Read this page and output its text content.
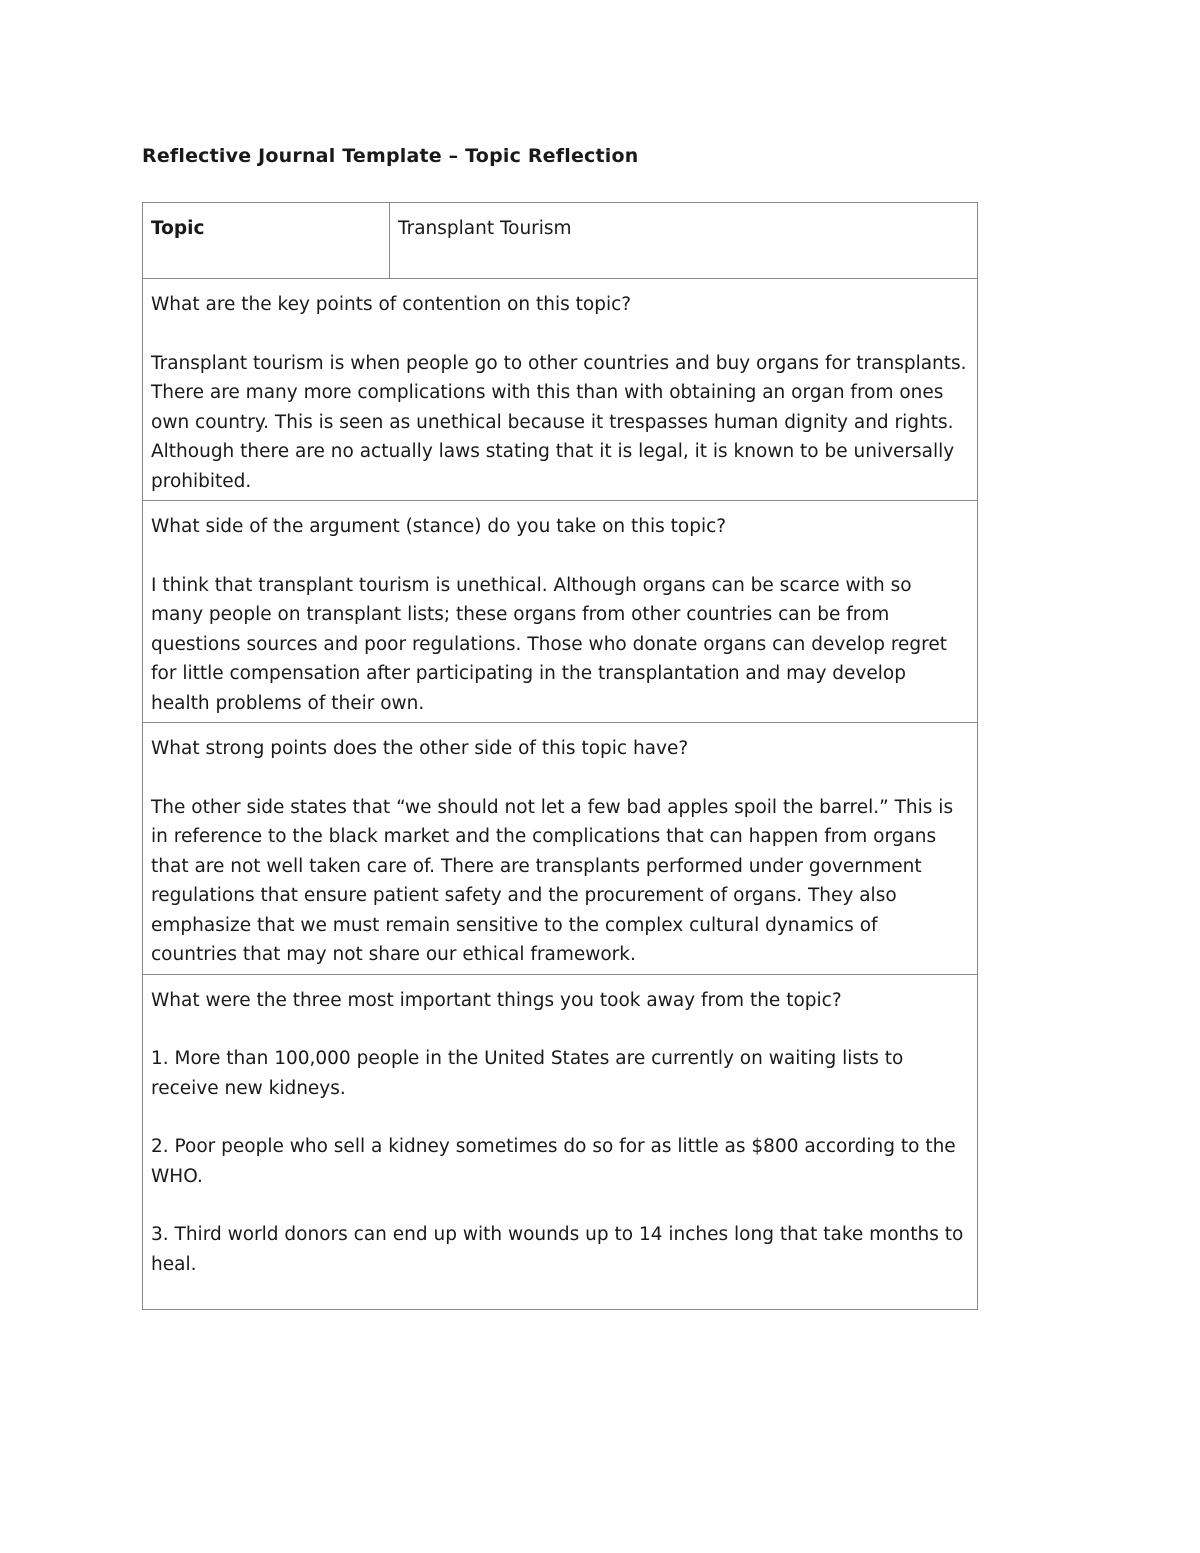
Reflective Journal Template – Topic Reflection
Topic	Transplant Tourism

What are the key points of contention on this topic?
Transplant tourism is when people go to other countries and buy organs for transplants. There are many more complications with this than with obtaining an organ from ones own country. This is seen as unethical because it trespasses human dignity and rights. Although there are no actually laws stating that it is legal, it is known to be universally prohibited.

What side of the argument (stance) do you take on this topic?
I think that transplant tourism is unethical. Although organs can be scarce with so many people on transplant lists; these organs from other countries can be from questions sources and poor regulations. Those who donate organs can develop regret for little compensation after participating in the transplantation and may develop health problems of their own.

What strong points does the other side of this topic have?
The other side states that “we should not let a few bad apples spoil the barrel.” This is in reference to the black market and the complications that can happen from organs that are not well taken care of. There are transplants performed under government regulations that ensure patient safety and the procurement of organs. They also emphasize that we must remain sensitive to the complex cultural dynamics of countries that may not share our ethical framework.

What were the three most important things you took away from the topic?
1. More than 100,000 people in the United States are currently on waiting lists to receive new kidneys.
2. Poor people who sell a kidney sometimes do so for as little as $800 according to the WHO.
3. Third world donors can end up with wounds up to 14 inches long that take months to heal.
